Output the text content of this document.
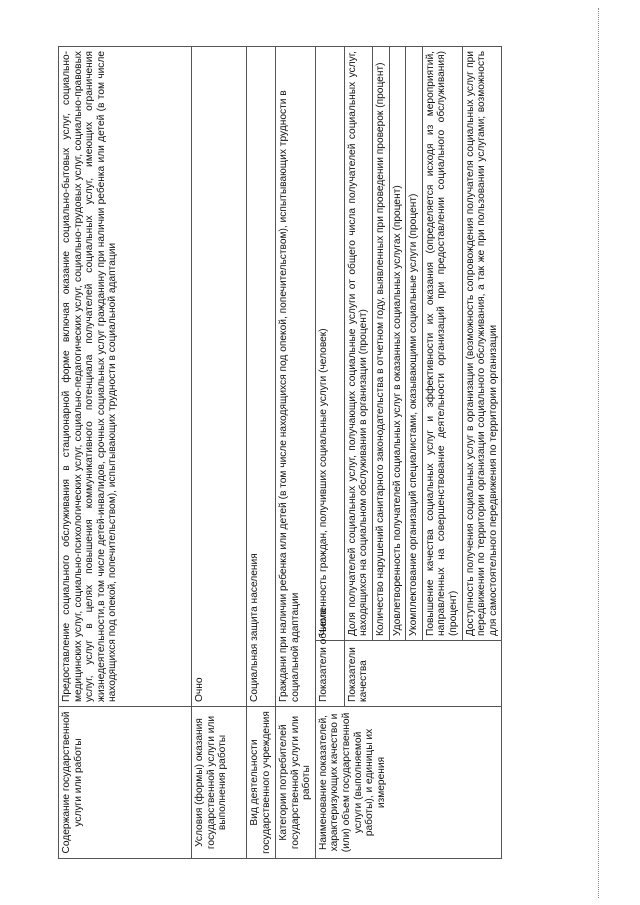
Содержание государственной услуги или работы	Предоставление социального обслуживания в стационарной форме включая оказание социально-бытовых услуг, социально-медицинских услуг, социально-психологических услуг, социально-педагогических услуг, социально-трудовых услуг, социально-правовых услуг, услуг в целях повышения коммуникативного потенциала получателей социальных услуг, имеющих ограничения жизнедеятельности,в том числе детей-инвалидов, срочных социальных услуг гражданину при наличии ребенка или детей (в том числе находящихся под опекой, попечительством), испытывающих трудности в социальной адаптации	
Условия (формы) оказания государственной услуги или выполнения работы	Очно	
Вид деятельности государственного учреждения	Социальная защита населения	
Категории потребителей государственной услуги или работы	Граждани при наличии ребенка или детей (в том числе находящихся под опекой, попечительством), испытывающих трудности в социальной адаптации	
Наименование показателей, характеризующих качество и (или) объем государственной услуги (выполняемой работы), и единицы их измерения	Показатели объема	Численность граждан, получивших социальные услуги (человек)
	Показатели качества	Доля получателей социальных услуг, получающих социальные услуги от общего числа получателей социальных услуг, находящихся на социальном обслуживании в организации (процент)
		Количество нарушений санитарного законодательства в отчетном году, выявленных при проведении проверок (процент)
		Удовлетворенность получателей социальных услуг в оказанных социальных услугах (процент)
		Укомплектование организаций специалистами, оказывающими социальные услуги (процент)
		Повышение качества социальных услуг и эффективности их оказания (определяется исходя из мероприятий, направленных на совершенствование деятельности организаций при предоставлении социального обслуживания) (процент)
		Доступность получения социальных услуг в организации (возможность сопровождения получателя социальных услуг при передвижении по территории организации социального обслуживания, а так же при пользовании услугами; возможность для самостоятельного передвижения по территории организации
